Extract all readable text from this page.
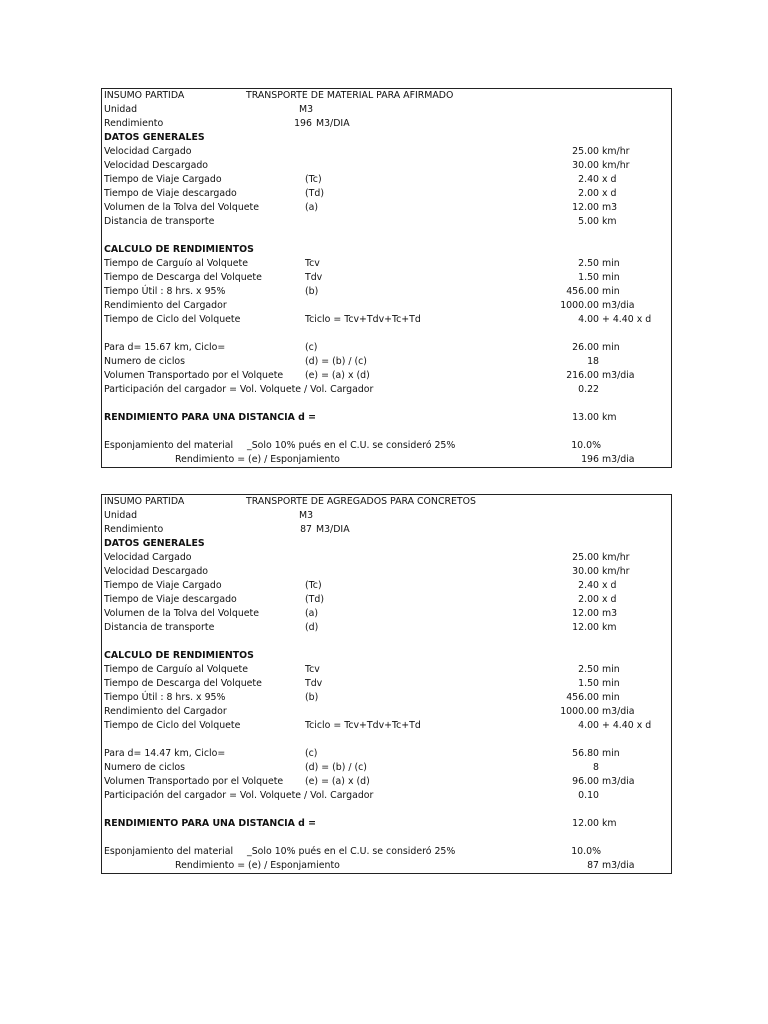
INSUMO PARTIDA	TRANSPORTE DE MATERIAL PARA AFIRMADO
Unidad	M3
Rendimiento	196 M3/DIA
DATOS GENERALES
Velocidad Cargado	25.00 km/hr
Velocidad Descargado	30.00 km/hr
Tiempo de Viaje Cargado	(Tc)	2.40 x d
Tiempo de Viaje descargado	(Td)	2.00 x d
Volumen de la Tolva del Volquete	(a)	12.00 m3
Distancia de transporte	5.00 km
CALCULO DE RENDIMIENTOS
Tiempo de Carguío al Volquete	Tcv	2.50 min
Tiempo de Descarga del Volquete	Tdv	1.50 min
Tiempo Útil : 8 hrs. x 95%	(b)	456.00 min
Rendimiento del Cargador	1000.00 m3/dia
Tiempo de Ciclo del Volquete	Tciclo = Tcv+Tdv+Tc+Td	4.00 + 4.40 x d
Para d= 15.67 km, Ciclo=	(c)	26.00 min
Numero de ciclos	(d) = (b) / (c)	18
Volumen Transportado por el Volquete (e) = (a) x (d)	216.00 m3/dia
Participación del cargador = Vol. Volquete / Vol. Cargador	0.22
RENDIMIENTO PARA UNA DISTANCIA d =	13.00 km
Esponjamiento del material _Solo 10% pués en el C.U. se consideró 25%	10.0%
Rendimiento = (e) / Esponjamiento	196 m3/dia
INSUMO PARTIDA	TRANSPORTE DE AGREGADOS PARA CONCRETOS
Unidad	M3
Rendimiento	87 M3/DIA
DATOS GENERALES
Velocidad Cargado	25.00 km/hr
Velocidad Descargado	30.00 km/hr
Tiempo de Viaje Cargado	(Tc)	2.40 x d
Tiempo de Viaje descargado	(Td)	2.00 x d
Volumen de la Tolva del Volquete	(a)	12.00 m3
Distancia de transporte	(d)	12.00 km
CALCULO DE RENDIMIENTOS
Tiempo de Carguío al Volquete	Tcv	2.50 min
Tiempo de Descarga del Volquete	Tdv	1.50 min
Tiempo Útil : 8 hrs. x 95%	(b)	456.00 min
Rendimiento del Cargador	1000.00 m3/dia
Tiempo de Ciclo del Volquete	Tciclo = Tcv+Tdv+Tc+Td	4.00 + 4.40 x d
Para d= 14.47 km, Ciclo=	(c)	56.80 min
Numero de ciclos	(d) = (b) / (c)	8
Volumen Transportado por el Volquete (e) = (a) x (d)	96.00 m3/dia
Participación del cargador = Vol. Volquete / Vol. Cargador	0.10
RENDIMIENTO PARA UNA DISTANCIA d =	12.00 km
Esponjamiento del material _Solo 10% pués en el C.U. se consideró 25%	10.0%
Rendimiento = (e) / Esponjamiento	87 m3/dia
